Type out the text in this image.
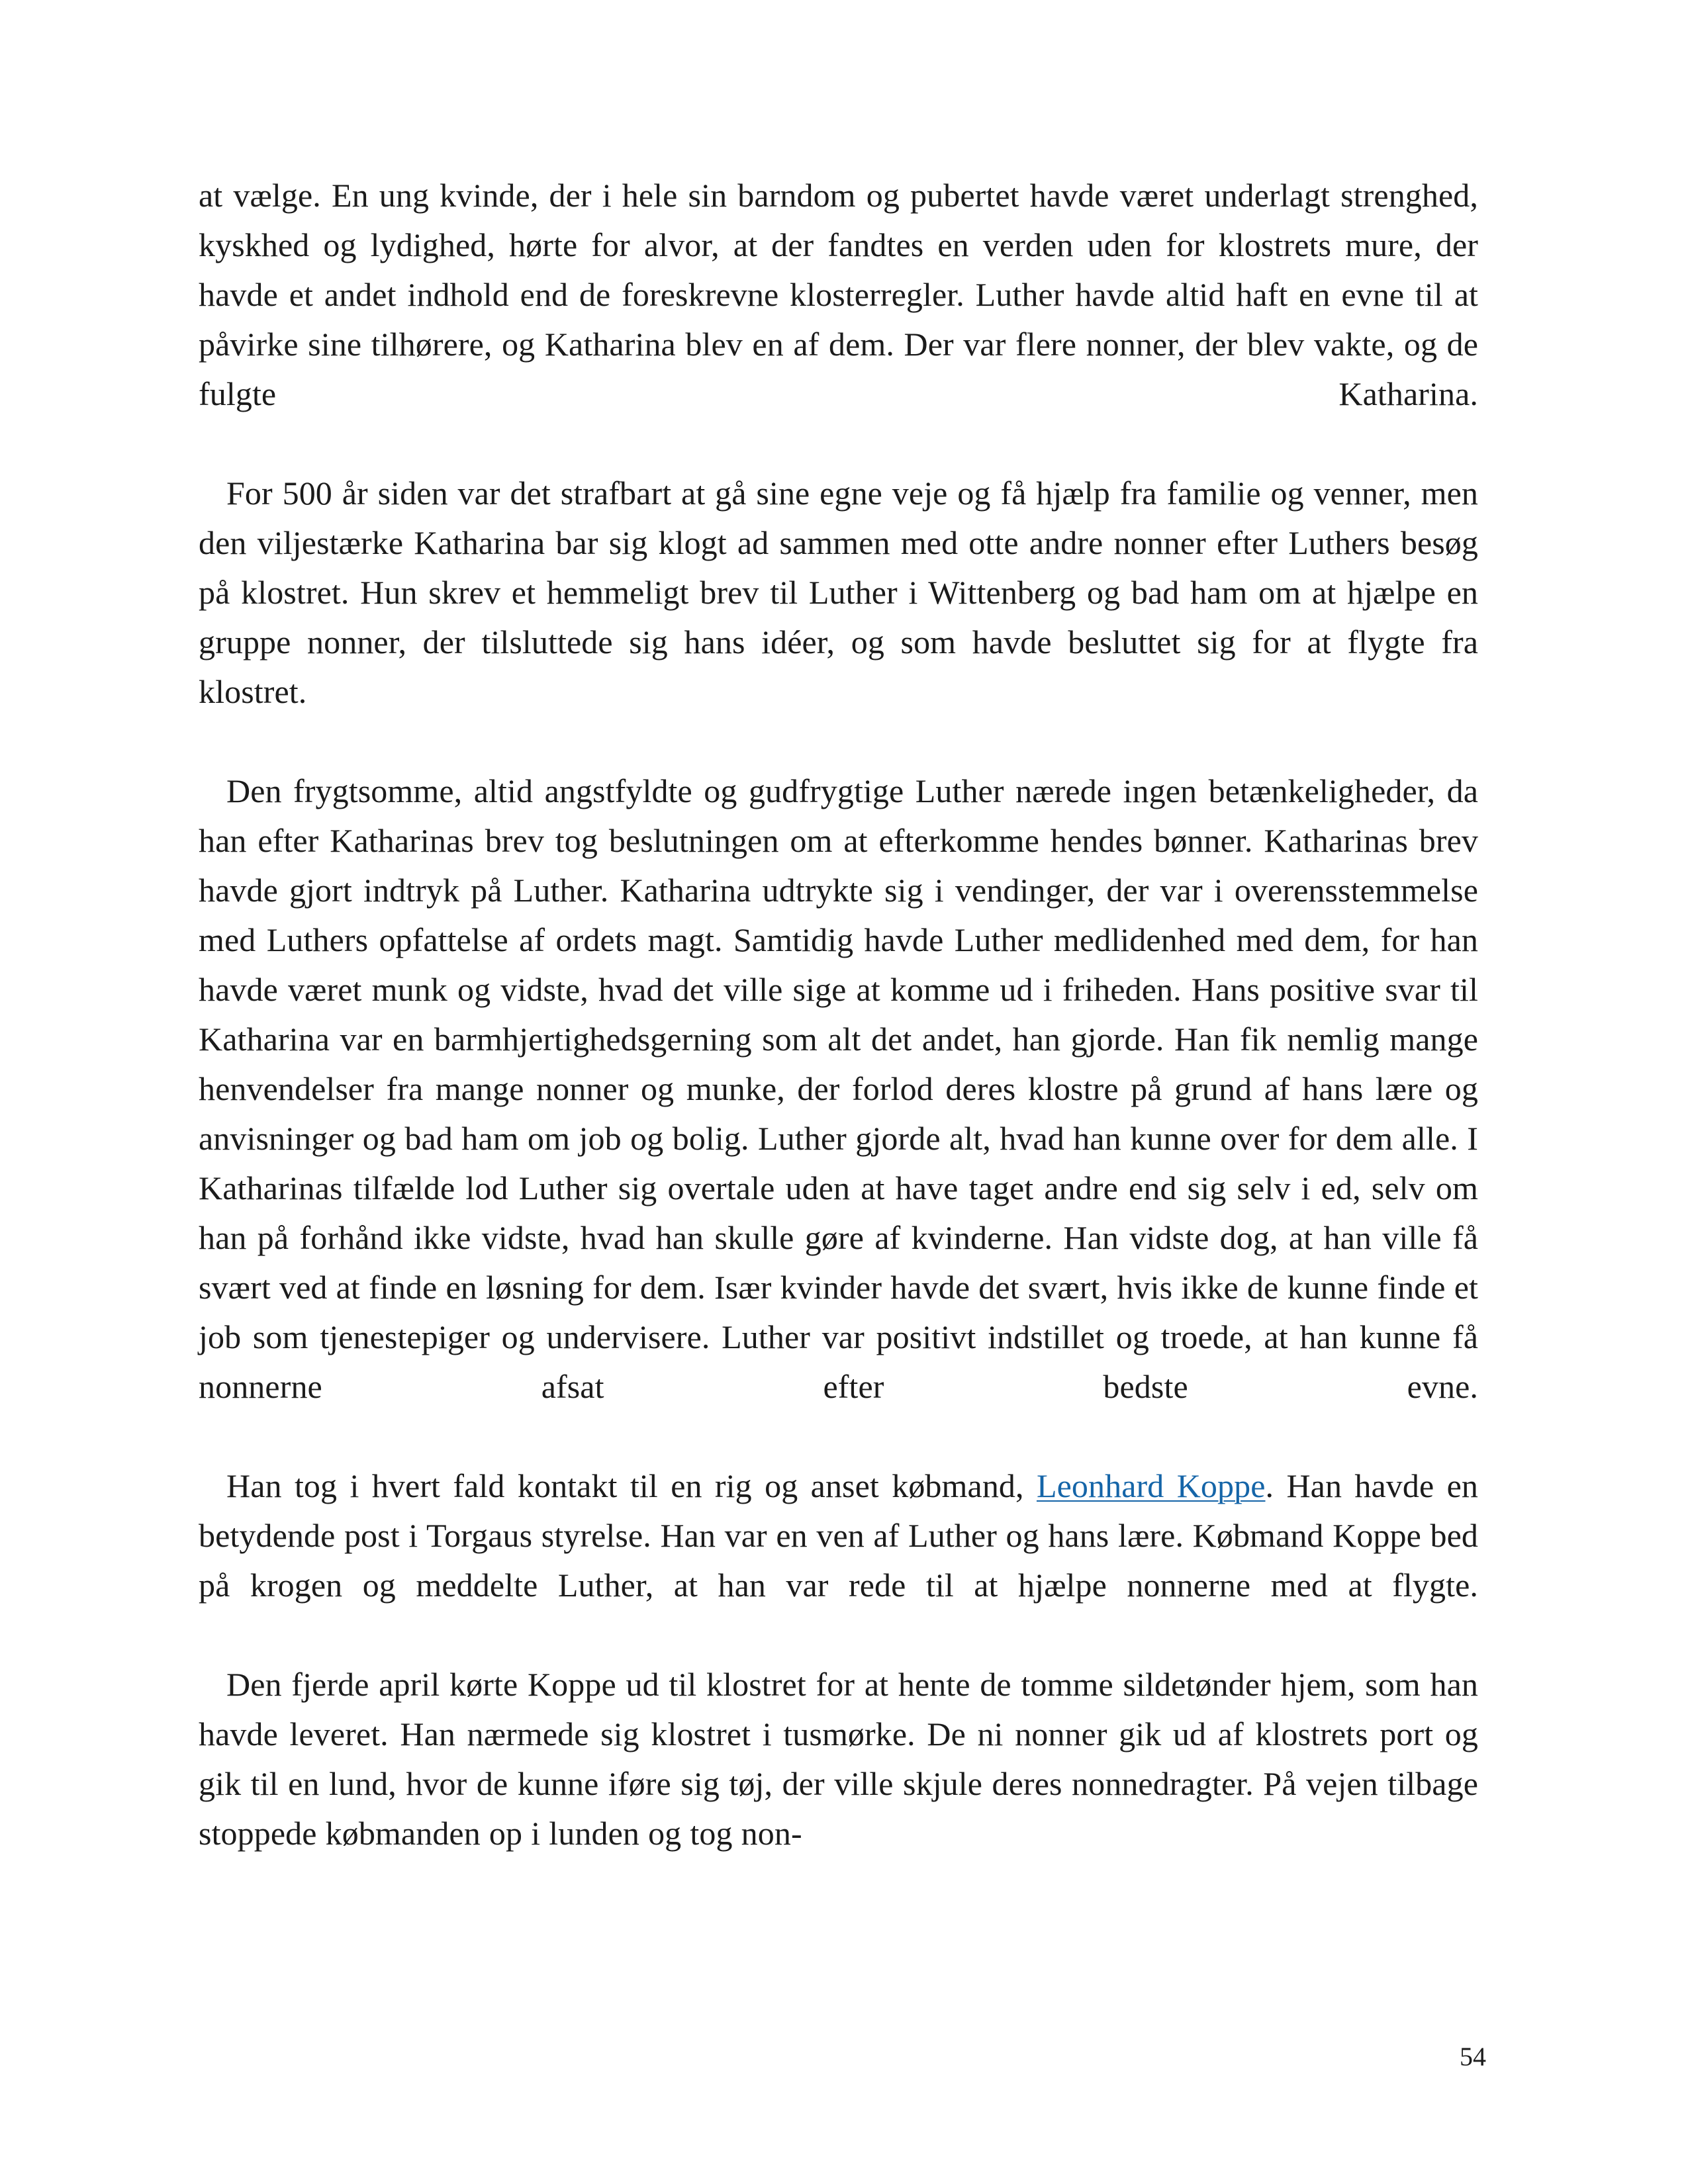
at vælge. En ung kvinde, der i hele sin barndom og pubertet havde været underlagt strenghed, kyskhed og lydighed, hørte for alvor, at der fandtes en verden uden for klostrets mure, der havde et andet indhold end de foreskrevne klosterregler. Luther havde altid haft en evne til at påvirke sine tilhørere, og Katharina blev en af dem. Der var flere nonner, der blev vakte, og de fulgte Katharina.

For 500 år siden var det strafbart at gå sine egne veje og få hjælp fra familie og venner, men den viljestærke Katharina bar sig klogt ad sammen med otte andre nonner efter Luthers besøg på klostret. Hun skrev et hemmeligt brev til Luther i Wittenberg og bad ham om at hjælpe en gruppe nonner, der tilsluttede sig hans idéer, og som havde besluttet sig for at flygte fra klostret.

Den frygtsomme, altid angstfyldte og gudfrygtige Luther nærede ingen betænkeligheder, da han efter Katharinas brev tog beslutningen om at efterkomme hendes bønner. Katharinas brev havde gjort indtryk på Luther. Katharina udtrykte sig i vendinger, der var i overensstemmelse med Luthers opfattelse af ordets magt. Samtidig havde Luther medlidenhed med dem, for han havde været munk og vidste, hvad det ville sige at komme ud i friheden. Hans positive svar til Katharina var en barmhjertighedsgerning som alt det andet, han gjorde. Han fik nemlig mange henvendelser fra mange nonner og munke, der forlod deres klostre på grund af hans lære og anvisninger og bad ham om job og bolig. Luther gjorde alt, hvad han kunne over for dem alle. I Katharinas tilfælde lod Luther sig overtale uden at have taget andre end sig selv i ed, selv om han på forhånd ikke vidste, hvad han skulle gøre af kvinderne. Han vidste dog, at han ville få svært ved at finde en løsning for dem. Især kvinder havde det svært, hvis ikke de kunne finde et job som tjenestepiger og undervisere. Luther var positivt indstillet og troede, at han kunne få nonnerne afsat efter bedste evne.

Han tog i hvert fald kontakt til en rig og anset købmand, Leonhard Koppe. Han havde en betydende post i Torgaus styrelse. Han var en ven af Luther og hans lære. Købmand Koppe bed på krogen og meddelte Luther, at han var rede til at hjælpe nonnerne med at flygte.

Den fjerde april kørte Koppe ud til klostret for at hente de tomme sildetønder hjem, som han havde leveret. Han nærmede sig klostret i tusmørke. De ni nonner gik ud af klostrets port og gik til en lund, hvor de kunne iføre sig tøj, der ville skjule deres nonnedragter. På vejen tilbage stoppede købmanden op i lunden og tog non-

54
